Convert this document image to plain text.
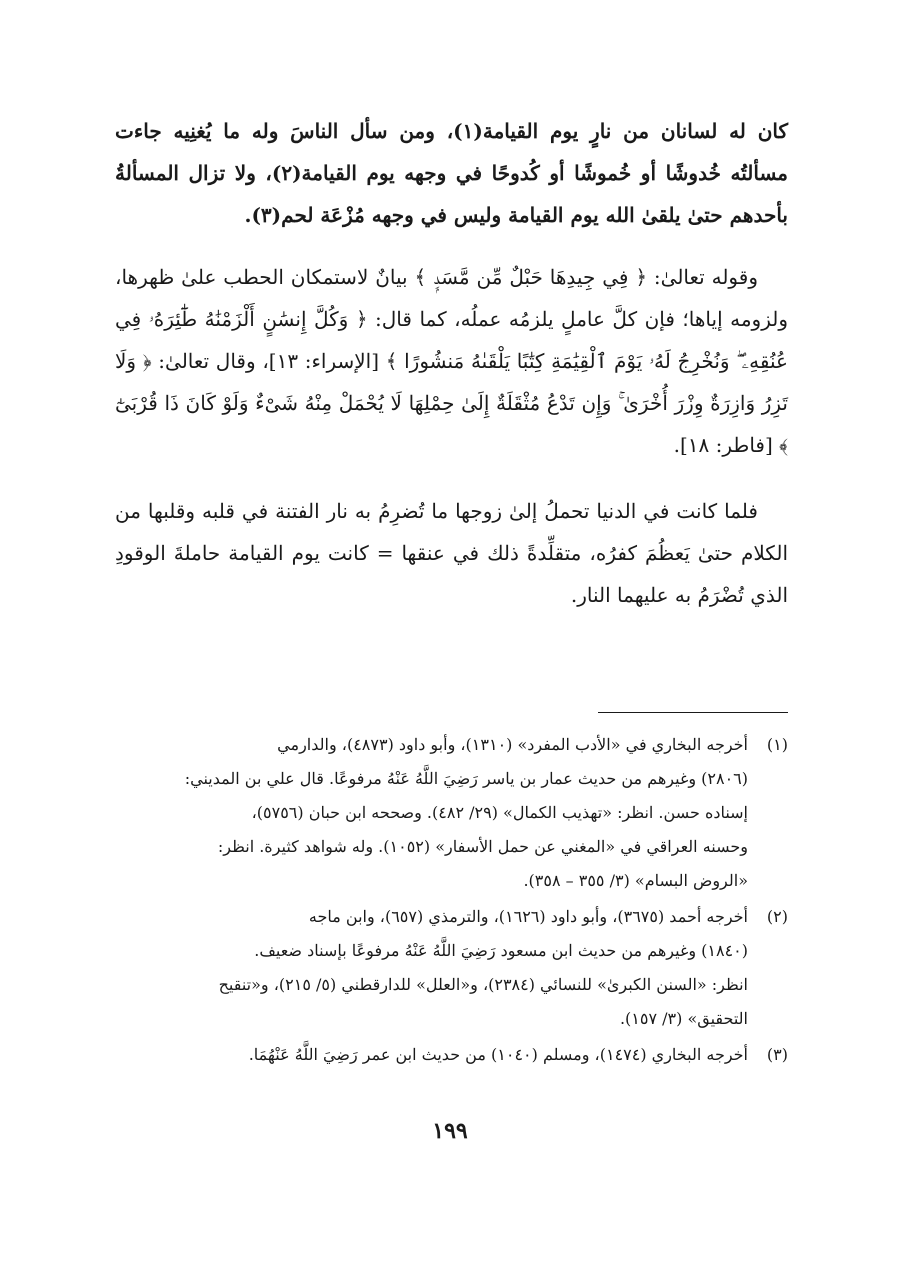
كان له لسانان من نارٍ يوم القيامة(١)، ومن سأل الناسَ وله ما يُغنِيه جاءت مسألتُه خُدوشًا أو خُموشًا أو كُدوحًا في وجهه يوم القيامة(٢)، ولا تزال المسألةُ بأحدهم حتىٰ يلقىٰ الله يوم القيامة وليس في وجهه مُزْعَة لحم(٣).

وقوله تعالىٰ: ﴿ فِي جِيدِهَا حَبْلٌ مِّن مَّسَدِۭ ﴾ بيانٌ لاستمكان الحطب علىٰ ظهرها، ولزومه إياها؛ فإن كلَّ عاملٍ يلزمُه عملُه، كما قال: ﴿ وَكُلَّ إِنسَٰنٍ أَلْزَمْنَٰهُ طَٰٓئِرَهُۥ فِي عُنُقِهِۦ ۖ وَنُخْرِجُ لَهُۥ يَوْمَ ٱلْقِيَٰمَةِ كِتَٰبًا يَلْقَىٰهُ مَنشُورًا ﴾ [الإسراء: ١٣]، وقال تعالىٰ: ﴿ وَلَا تَزِرُ وَازِرَةٌ وِزْرَ أُخْرَىٰ ۚ وَإِن تَدْعُ مُثْقَلَةٌ إِلَىٰ حِمْلِهَا لَا يُحْمَلْ مِنْهُ شَىْءٌ وَلَوْ كَانَ ذَا قُرْبَىٰٓ ﴾ [فاطر: ١٨].

فلما كانت في الدنيا تحملُ إلىٰ زوجها ما تُضرِمُ به نار الفتنة في قلبه وقلبها من الكلام حتىٰ يَعظُمَ كفرُه، متقلِّدةً ذلك في عنقها = كانت يوم القيامة حاملةَ الوقودِ الذي تُضْرَمُ به عليهما النار.

(١)
أخرجه البخاري في «الأدب المفرد» (١٣١٠)، وأبو داود (٤٨٧٣)، والدارمي
(٢٨٠٦) وغيرهم من حديث عمار بن ياسر رَضِيَ اللَّهُ عَنْهُ مرفوعًا. قال علي بن المديني:
إسناده حسن. انظر: «تهذيب الكمال» (٢٩/ ٤٨٢). وصححه ابن حبان (٥٧٥٦)،
وحسنه العراقي في «المغني عن حمل الأسفار» (١٠٥٢). وله شواهد كثيرة. انظر:
«الروض البسام» (٣/ ٣٥٥ – ٣٥٨).
(٢)
أخرجه أحمد (٣٦٧٥)، وأبو داود (١٦٢٦)، والترمذي (٦٥٧)، وابن ماجه
(١٨٤٠) وغيرهم من حديث ابن مسعود رَضِيَ اللَّهُ عَنْهُ مرفوعًا بإسناد ضعيف.
انظر: «السنن الكبرىٰ» للنسائي (٢٣٨٤)، و«العلل» للدارقطني (٥/ ٢١٥)، و«تنقيح
التحقيق» (٣/ ١٥٧).
(٣)
أخرجه البخاري (١٤٧٤)، ومسلم (١٠٤٠) من حديث ابن عمر رَضِيَ اللَّهُ عَنْهُمَا.
١٩٩
